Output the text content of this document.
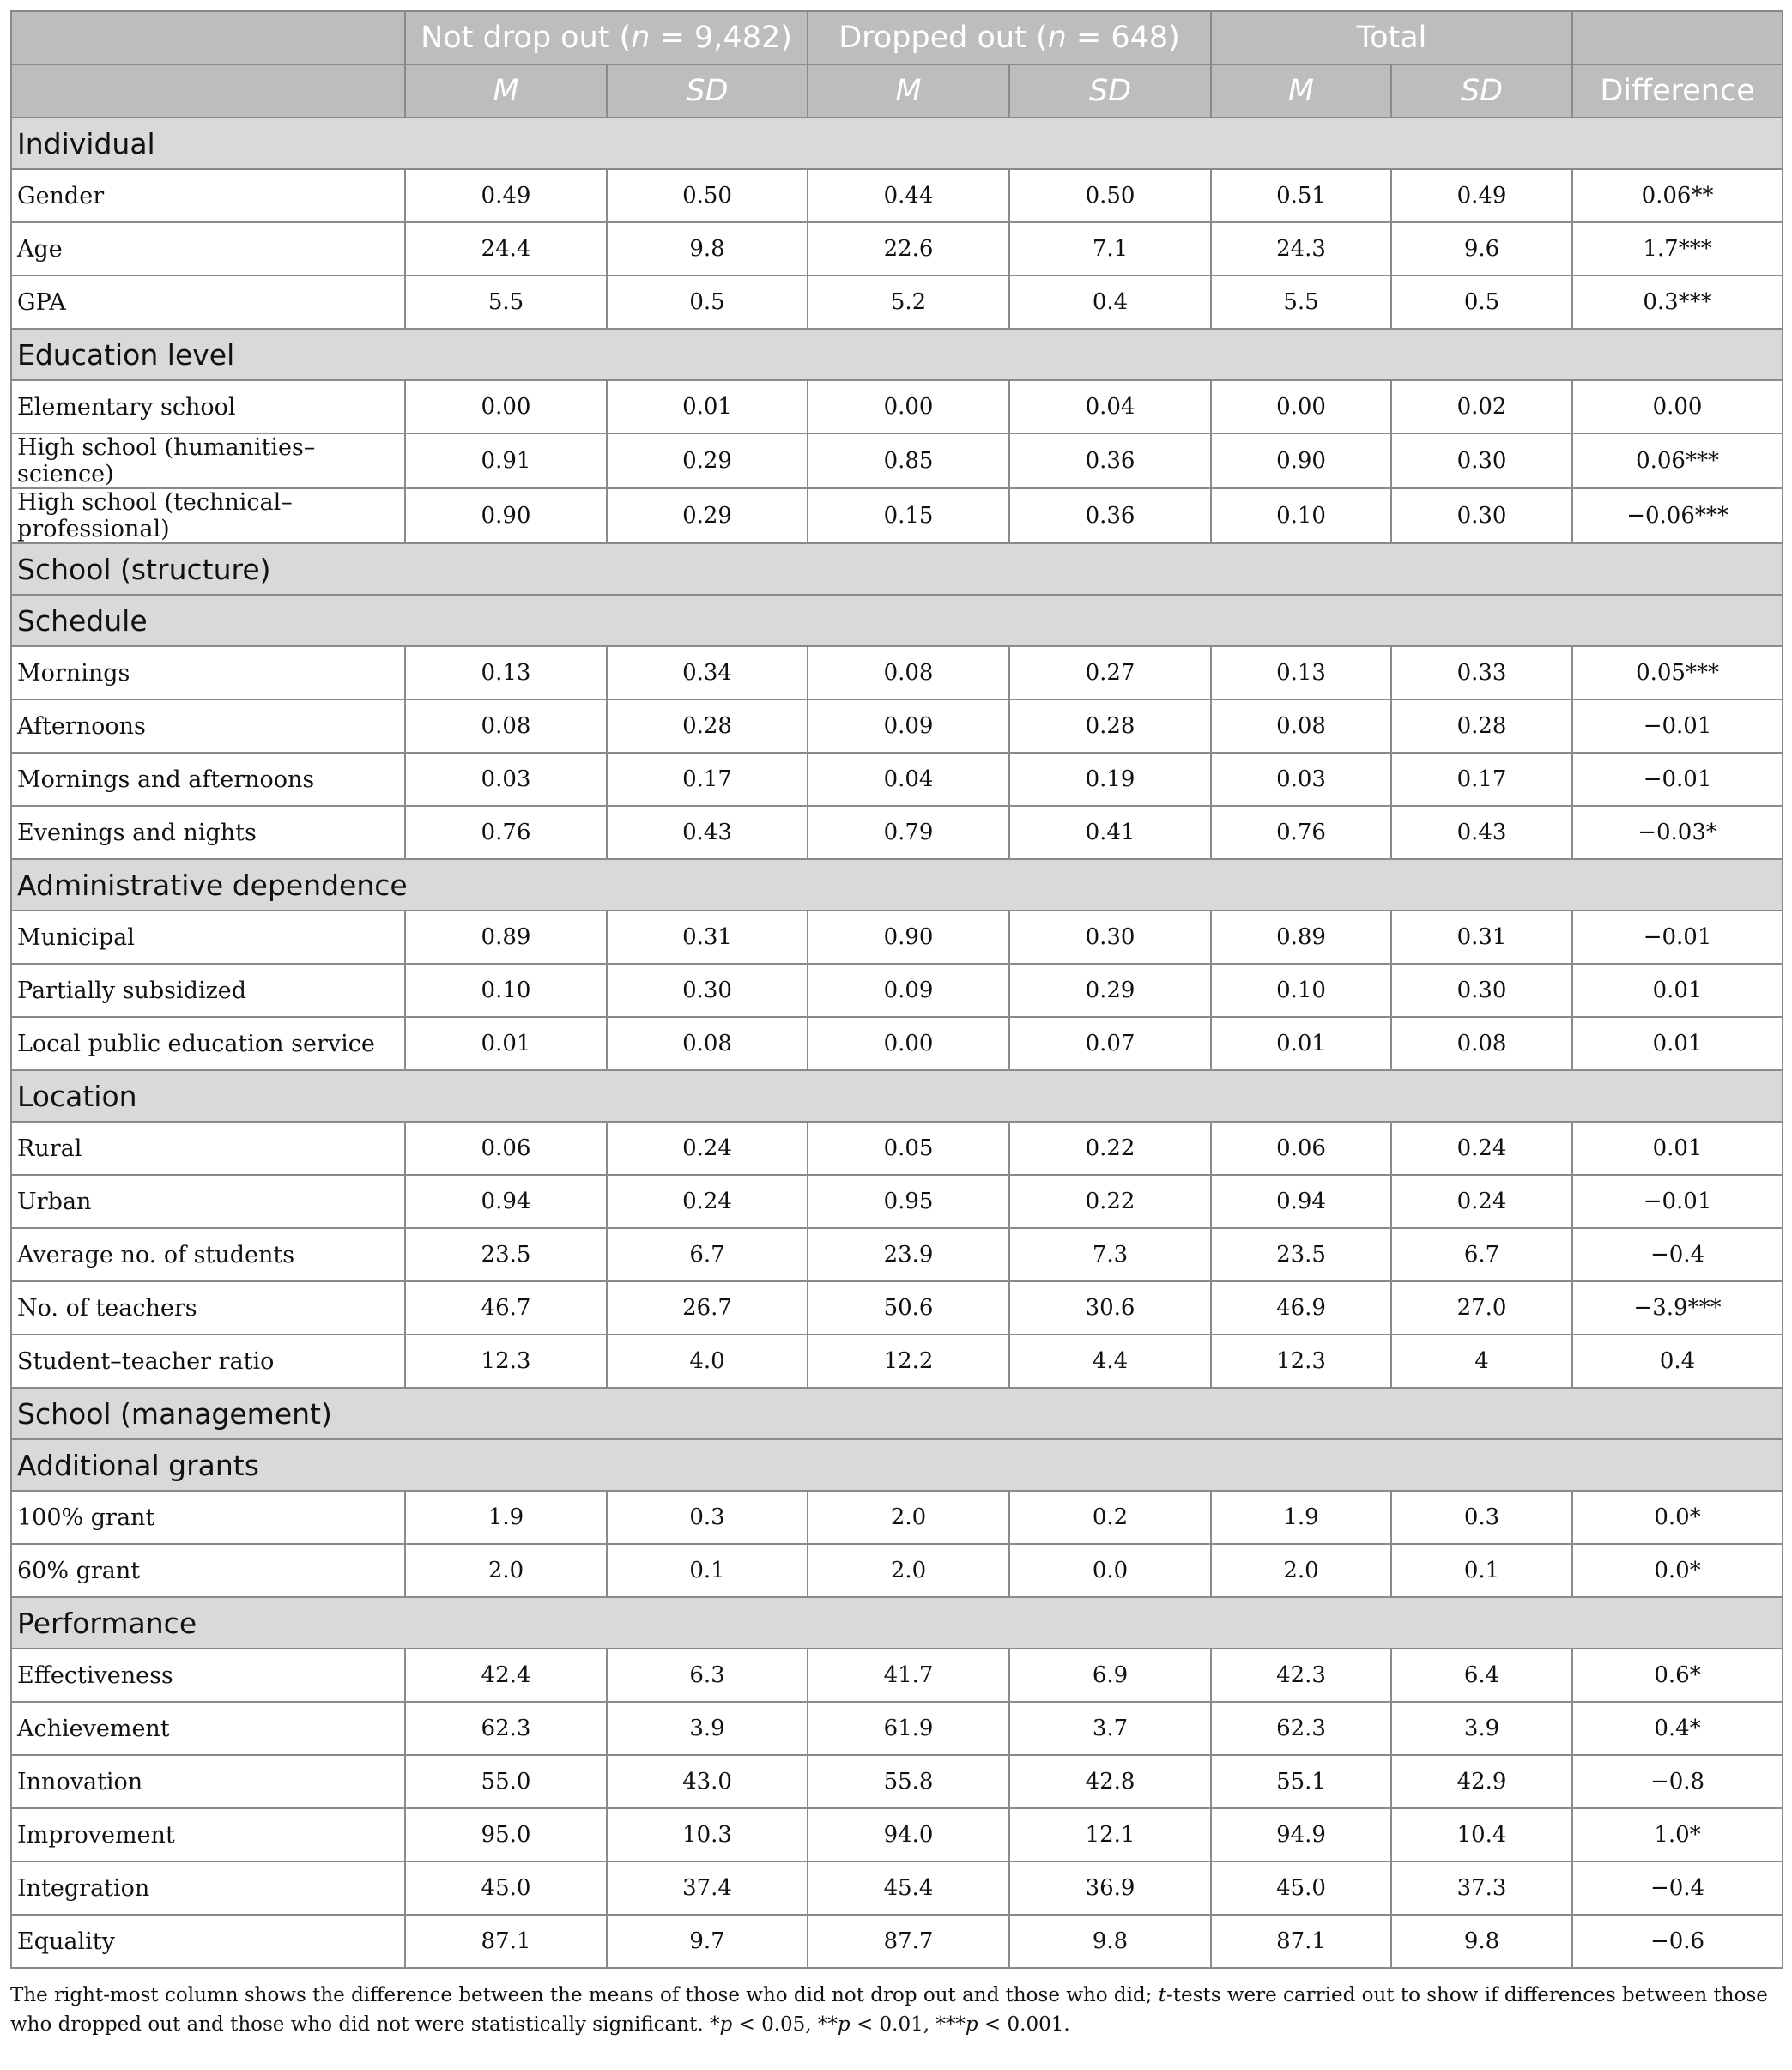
	Not drop out (n = 9,482)		Dropped out (n = 648)		Total		
	M	SD	M	SD	M	SD	Difference
Individual							
Gender	0.49	0.50	0.44	0.50	0.51	0.49	0.06**
Age	24.4	9.8	22.6	7.1	24.3	9.6	1.7***
GPA	5.5	0.5	5.2	0.4	5.5	0.5	0.3***
Education level							
Elementary school	0.00	0.01	0.00	0.04	0.00	0.02	0.00
High school (humanities–science)	0.91	0.29	0.85	0.36	0.90	0.30	0.06***
High school (technical–professional)	0.90	0.29	0.15	0.36	0.10	0.30	−0.06***
School (structure)							
Schedule							
Mornings	0.13	0.34	0.08	0.27	0.13	0.33	0.05***
Afternoons	0.08	0.28	0.09	0.28	0.08	0.28	−0.01
Mornings and afternoons	0.03	0.17	0.04	0.19	0.03	0.17	−0.01
Evenings and nights	0.76	0.43	0.79	0.41	0.76	0.43	−0.03*
Administrative dependence							
Municipal	0.89	0.31	0.90	0.30	0.89	0.31	−0.01
Partially subsidized	0.10	0.30	0.09	0.29	0.10	0.30	0.01
Local public education service	0.01	0.08	0.00	0.07	0.01	0.08	0.01
Location							
Rural	0.06	0.24	0.05	0.22	0.06	0.24	0.01
Urban	0.94	0.24	0.95	0.22	0.94	0.24	−0.01
Average no. of students	23.5	6.7	23.9	7.3	23.5	6.7	−0.4
No. of teachers	46.7	26.7	50.6	30.6	46.9	27.0	−3.9***
Student–teacher ratio	12.3	4.0	12.2	4.4	12.3	4	0.4
School (management)							
Additional grants							
100% grant	1.9	0.3	2.0	0.2	1.9	0.3	0.0*
60% grant	2.0	0.1	2.0	0.0	2.0	0.1	0.0*
Performance							
Effectiveness	42.4	6.3	41.7	6.9	42.3	6.4	0.6*
Achievement	62.3	3.9	61.9	3.7	62.3	3.9	0.4*
Innovation	55.0	43.0	55.8	42.8	55.1	42.9	−0.8
Improvement	95.0	10.3	94.0	12.1	94.9	10.4	1.0*
Integration	45.0	37.4	45.4	36.9	45.0	37.3	−0.4
Equality	87.1	9.7	87.7	9.8	87.1	9.8	−0.6
The right-most column shows the difference between the means of those who did not drop out and those who did; t-tests were carried out to show if differences between those who dropped out and those who did not were statistically significant. *p < 0.05, **p < 0.01, ***p < 0.001.
